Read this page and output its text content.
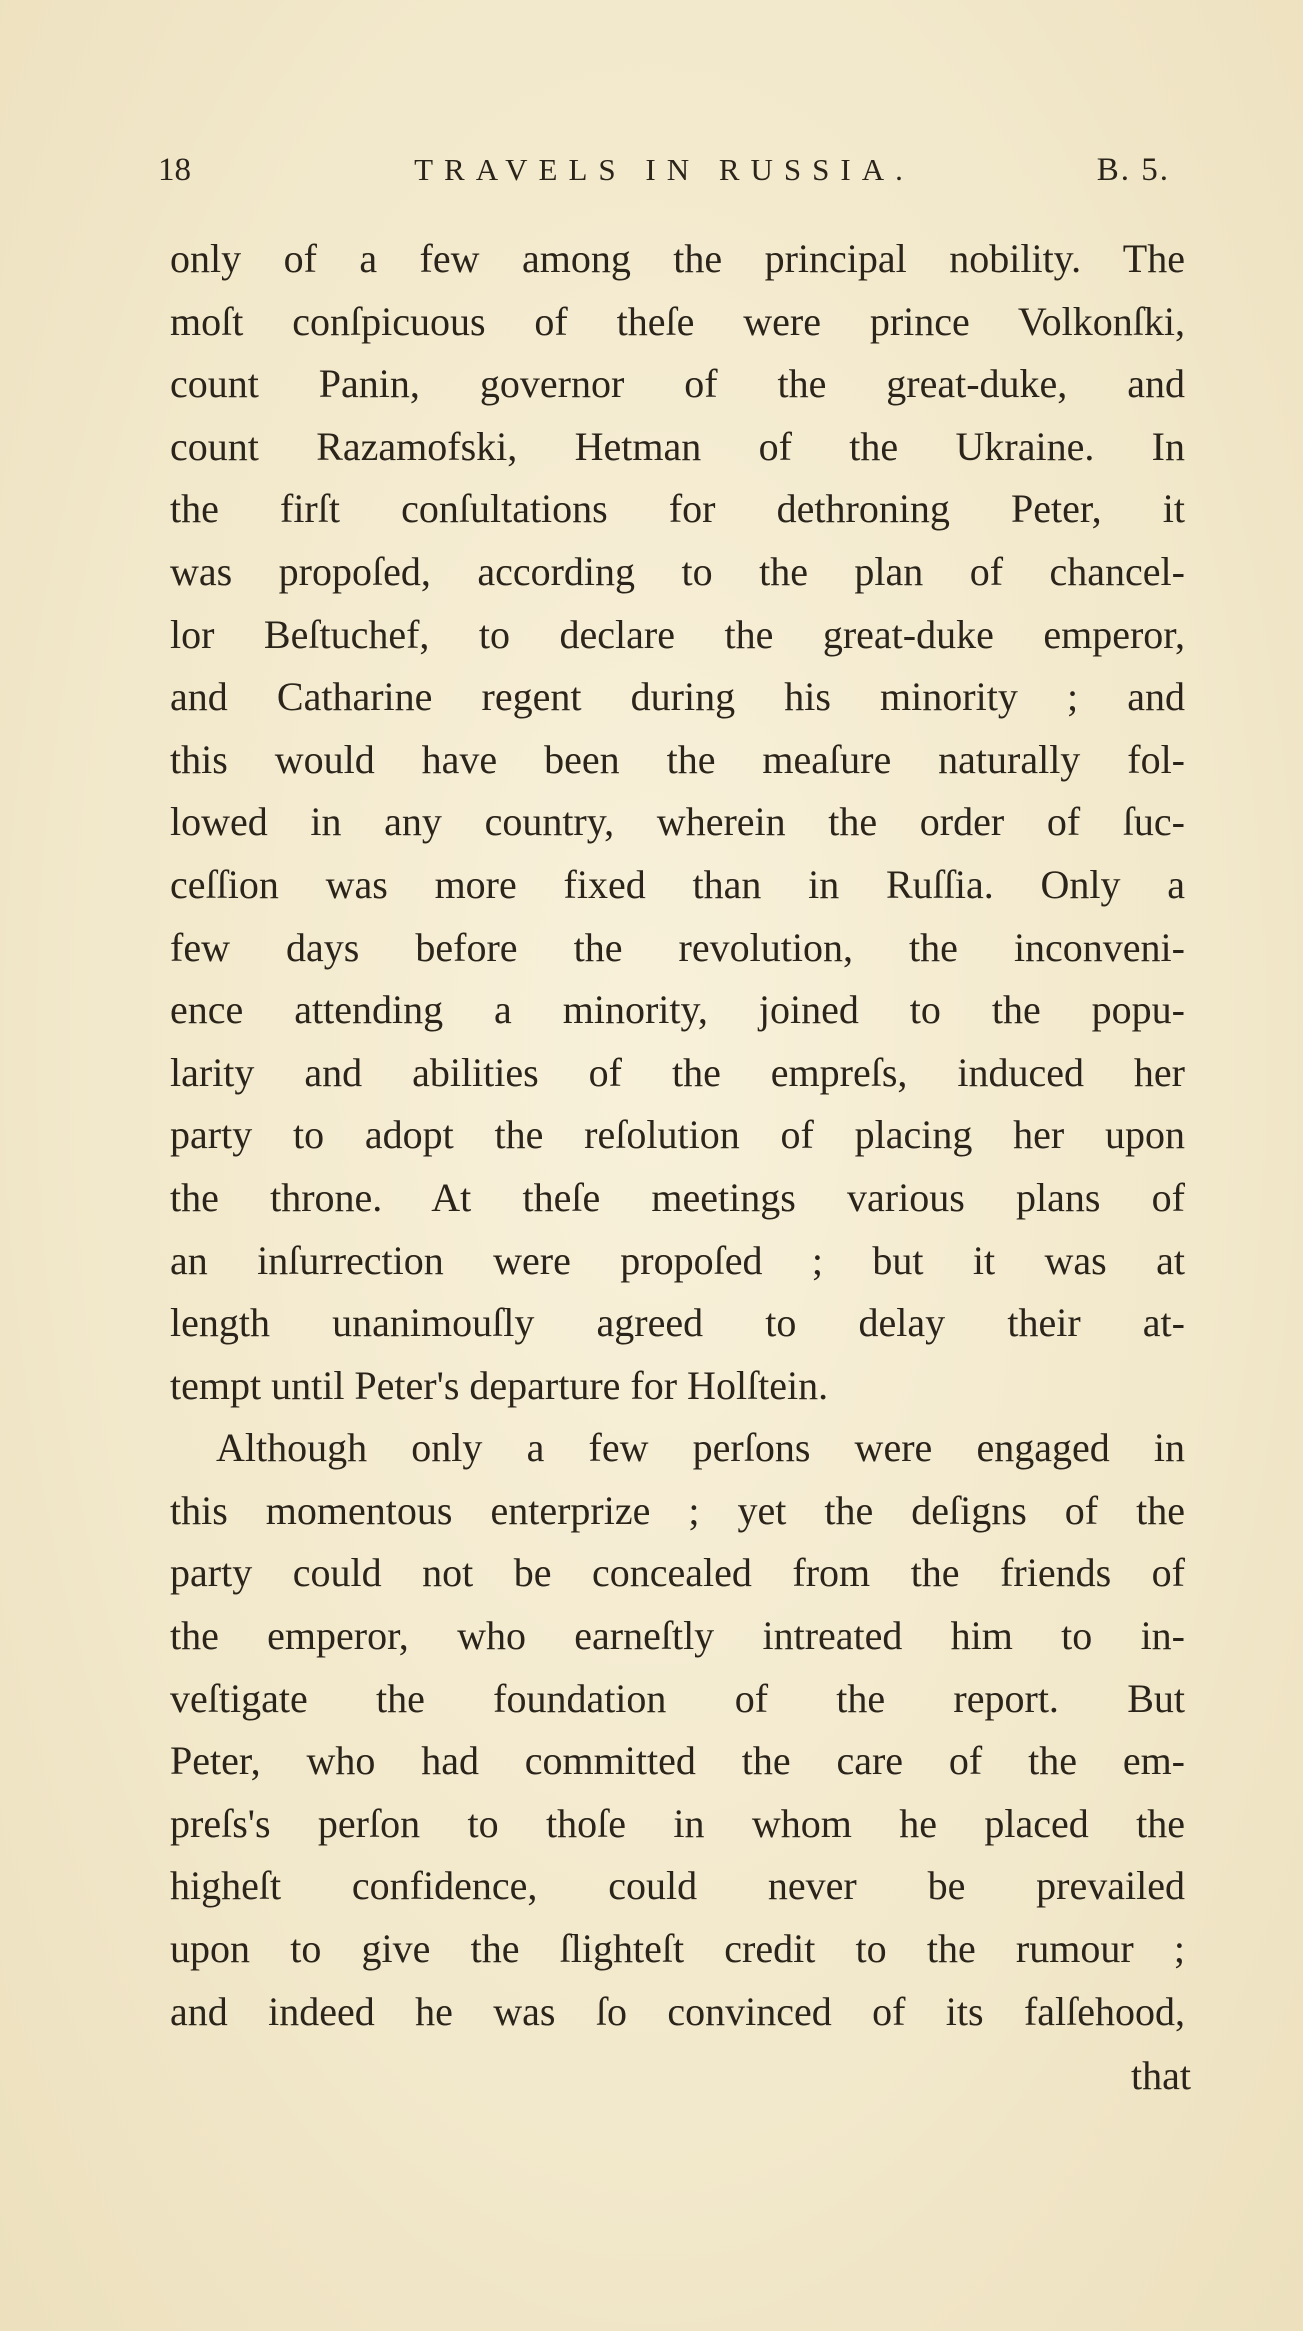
18	TRAVELS IN RUSSIA.	B. 5.
only of a few among the principal nobility. The
moſt conſpicuous of theſe were prince Volkonſki,
count Panin, governor of the great-duke, and
count Razamofski, Hetman of the Ukraine. In
the firſt conſultations for dethroning Peter, it
was propoſed, according to the plan of chancel-
lor Beſtuchef, to declare the great-duke emperor,
and Catharine regent during his minority ; and
this would have been the meaſure naturally fol-
lowed in any country, wherein the order of ſuc-
ceſſion was more fixed than in Ruſſia. Only a
few days before the revolution, the inconveni-
ence attending a minority, joined to the popu-
larity and abilities of the empreſs, induced her
party to adopt the reſolution of placing her upon
the throne. At theſe meetings various plans of
an inſurrection were propoſed ; but it was at
length unanimouſly agreed to delay their at-
tempt until Peter's departure for Holſtein.
Although only a few perſons were engaged in
this momentous enterprize ; yet the deſigns of the
party could not be concealed from the friends of
the emperor, who earneſtly intreated him to in-
veſtigate the foundation of the report. But
Peter, who had committed the care of the em-
preſs's perſon to thoſe in whom he placed the
higheſt confidence, could never be prevailed
upon to give the ſlighteſt credit to the rumour ;
and indeed he was ſo convinced of its falſehood,
that
